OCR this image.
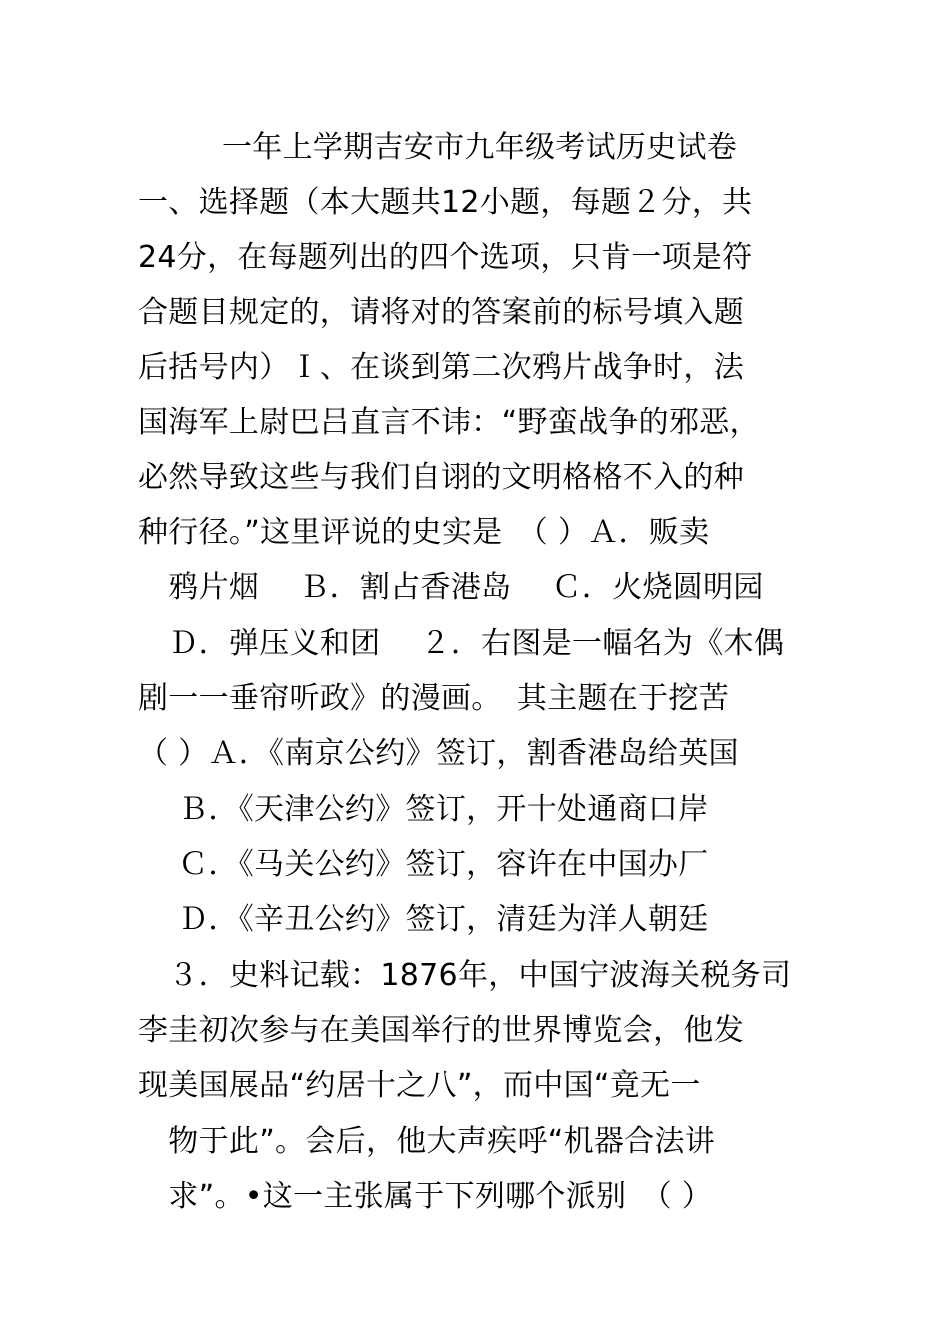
一年上学期吉安市九年级考试历史试卷
一、选择题（本大题共12小题，每题２分，共
24分，在每题列出的四个选项，只肯一项是符
合题目规定的，请将对的答案前的标号填入题
后括号内）Ｉ、在谈到第二次鸦片战争时，法
国海军上尉巴吕直言不讳：“野蛮战争的邪恶，
必然导致这些与我们自诩的文明格格不入的种
种行径。”这里评说的史实是　（ ）Ａ．贩卖
　鸦片烟　 Ｂ．割占香港岛　 Ｃ．火烧圆明园
　Ｄ．弹压义和团　 ２．右图是一幅名为《木偶
剧一一垂帘听政》的漫画。　其主题在于挖苦
（ ）Ａ．《南京公约》签订，割香港岛给英国
　 Ｂ．《天津公约》签订，开十处通商口岸
　 Ｃ．《马关公约》签订，容许在中国办厂
　 Ｄ．《辛丑公约》签订，清廷为洋人朝廷
　３．史料记载：1876年，中国宁波海关税务司
李圭初次参与在美国举行的世界博览会，他发
现美国展品“约居十之八”，而中国“竟无一
　物于此”。会后，他大声疾呼“机器合法讲
　求”。•这一主张属于下列哪个派别　（ ）
